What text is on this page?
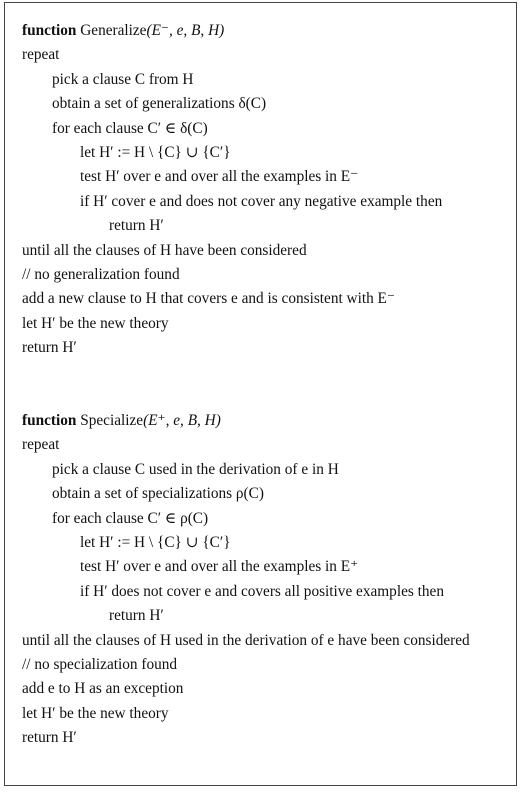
function Generalize(E⁻, e, B, H)
repeat
pick a clause C from H
obtain a set of generalizations δ(C)
for each clause C′ ∈ δ(C)
let H′ := H \ {C} ∪ {C′}
test H′ over e and over all the examples in E⁻
if H′ cover e and does not cover any negative example then
return H′
until all the clauses of H have been considered
// no generalization found
add a new clause to H that covers e and is consistent with E⁻
let H′ be the new theory
return H′
function Specialize(E⁺, e, B, H)
repeat
pick a clause C used in the derivation of e in H
obtain a set of specializations ρ(C)
for each clause C′ ∈ ρ(C)
let H′ := H \ {C} ∪ {C′}
test H′ over e and over all the examples in E⁺
if H′ does not cover e and covers all positive examples then
return H′
until all the clauses of H used in the derivation of e have been considered
// no specialization found
add e to H as an exception
let H′ be the new theory
return H′
